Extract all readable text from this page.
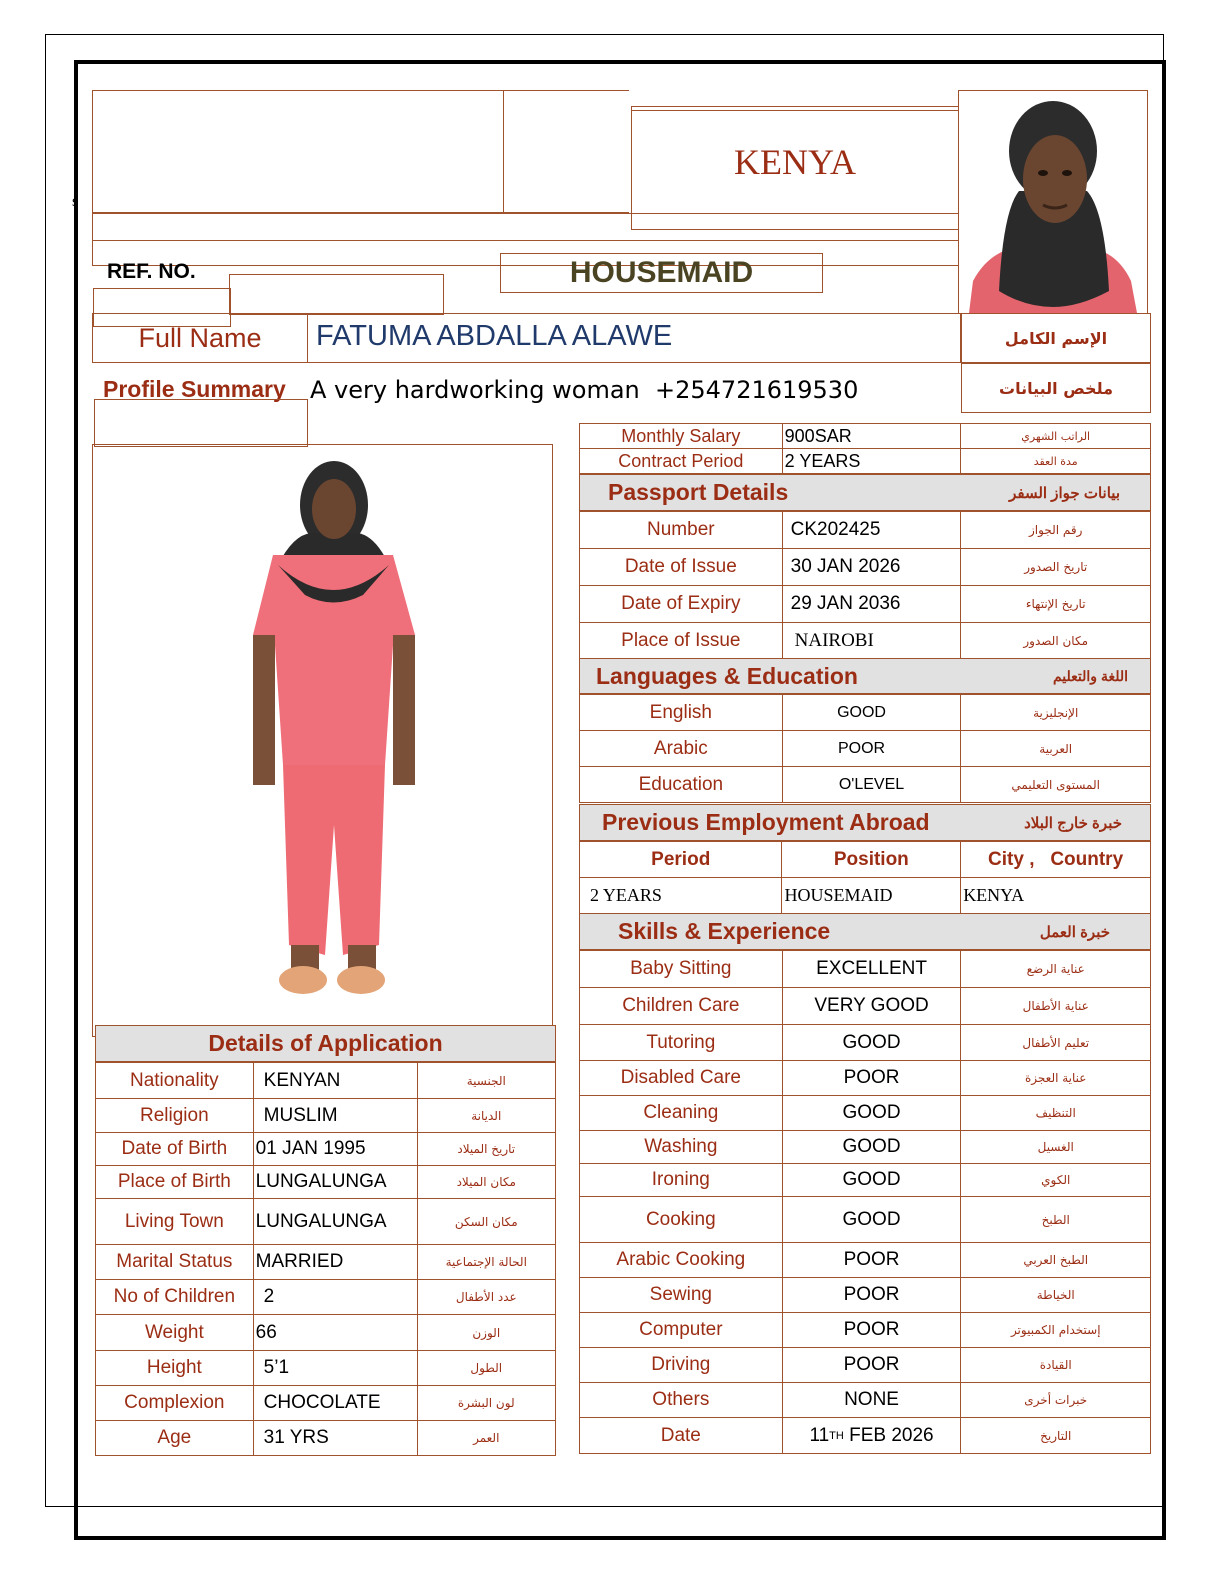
s
KENYA
REF. NO.	HOUSEMAID
Full Name FATUMA ABDALLA ALAWE	الإسم الكامل
Profile Summary A very hardworking woman +254721619530	ملخص البيانات
Details of Application
Nationality	KENYAN	الجنسية

Religion	MUSLIM	الديانة

Date of Birth	01 JAN 1995	تاريخ الميلاد

Place of Birth	LUNGALUNGA	مكان الميلاد

Living Town	LUNGALUNGA	مكان السكن

Marital Status	MARRIED	الحالة الإجتماعية

No of Children	2	عدد الأطفال

Weight	66	الوزن

Height	5’1	الطول

Complexion	CHOCOLATE	لون البشرة

Age	31 YRS	العمر
Monthly Salary	900SAR	الراتب الشهري

Contract Period	2 YEARS	مدة العقد
Passport Details	بيانات جواز السفر
Number	CK202425	رقم الجواز

Date of Issue	30 JAN 2026	تاريخ الصدور

Date of Expiry	29 JAN 2036	تاريخ الإنتهاء

Place of Issue	NAIROBI	مكان الصدور
Languages & Education	اللغة والتعليم
English	GOOD	الإنجليزية

Arabic	POOR	العربية

Education	O'LEVEL	المستوى التعليمي
Previous Employment Abroad	خبرة خارج البلاد
Period	Position	City ,   Country

2 YEARS	HOUSEMAID	KENYA
Skills & Experience	خبرة العمل
Baby Sitting	EXCELLENT	عناية الرضع

Children Care	VERY GOOD	عناية الأطفال

Tutoring	GOOD	تعليم الأطفال

Disabled Care	POOR	عناية العجزة

Cleaning	GOOD	التنظيف

Washing	GOOD	الغسيل

Ironing	GOOD	الكوي

Cooking	GOOD	الطبخ

Arabic Cooking	POOR	الطبخ العربي

Sewing	POOR	الخياطة

Computer	POOR	إستخدام الكمبيوتر

Driving	POOR	القيادة

Others	NONE	خبرات أخرى

Date	11 TH FEB 2026	التاريخ
